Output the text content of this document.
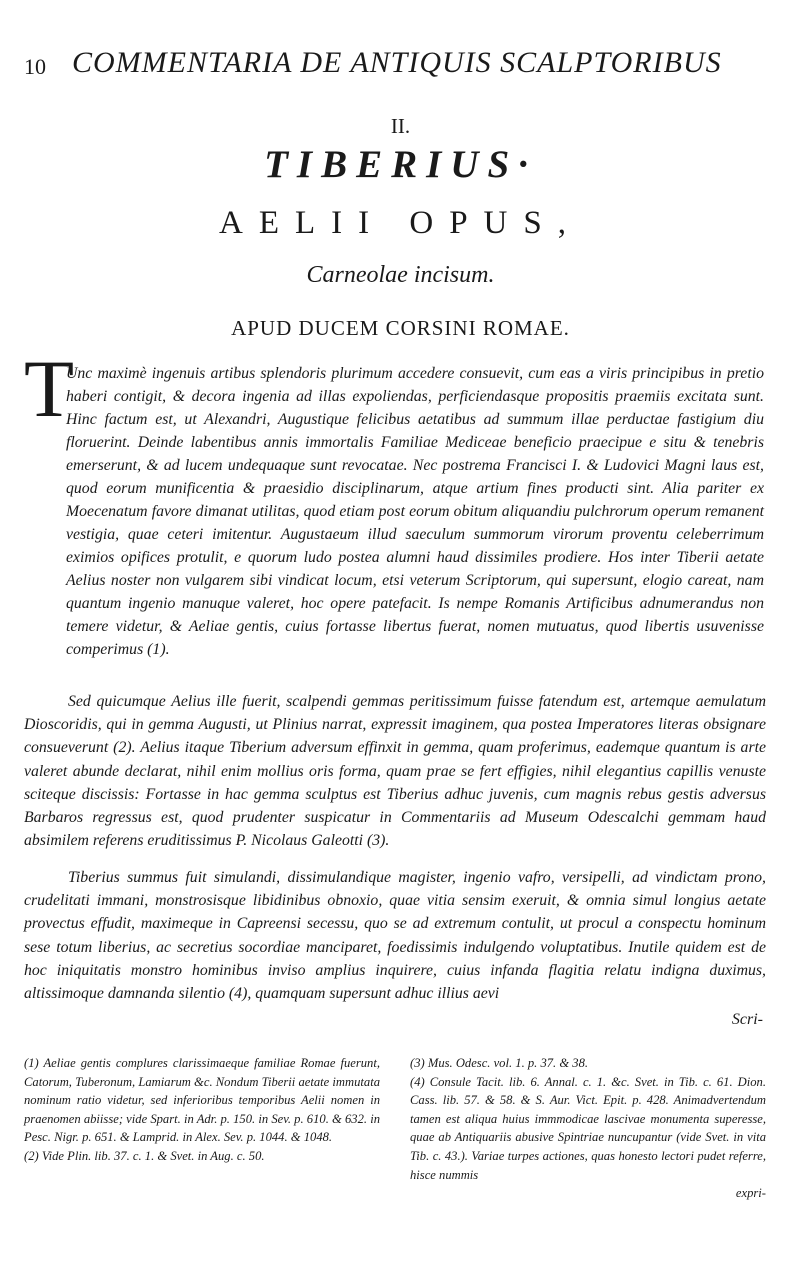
10 COMMENTARIA DE ANTIQUIS SCALPTORIBUS
II.
TIBERIUS·
AELII OPUS,
Carneolae incisum.
APUD DUCEM CORSINI ROMAE.
T

Unc maximè ingenuis artibus splendoris plurimum accedere consuevit, cum eas a viris principibus in pretio haberi contigit, & decora ingenia ad illas expoliendas, perficiendasque propositis praemiis excitata sunt. Hinc factum est, ut Alexandri, Augustique felicibus aetatibus ad summum illae perductae fastigium diu floruerint. Deinde labentibus annis immortalis Familiae Mediceae beneficio praecipue e situ & tenebris emerserunt, & ad lucem undequaque sunt revocatae. Nec postrema Francisci I. & Ludovici Magni laus est, quod eorum munificentia & praesidio disciplinarum, atque artium fines producti sint. Alia pariter ex Moecenatum favore dimanat utilitas, quod etiam post eorum obitum aliquandiu pulchrorum operum remanent vestigia, quae ceteri imitentur. Augustaeum illud saeculum summorum virorum proventu celeberrimum eximios opifices protulit, e quorum ludo postea alumni haud dissimiles prodiere. Hos inter Tiberii aetate Aelius noster non vulgarem sibi vindicat locum, etsi veterum Scriptorum, qui supersunt, elogio careat, nam quantum ingenio manuque valeret, hoc opere patefacit. Is nempe Romanis Artificibus adnumerandus non temere videtur, & Aeliae gentis, cuius fortasse libertus fuerat, nomen mutuatus, quod libertis usuvenisse comperimus (1).

Sed quicumque Aelius ille fuerit, scalpendi gemmas peritissimum fuisse fatendum est, artemque aemulatum Dioscoridis, qui in gemma Augusti, ut Plinius narrat, expressit imaginem, qua postea Imperatores literas obsignare consueverunt (2). Aelius itaque Tiberium adversum effinxit in gemma, quam proferimus, eademque quantum is arte valeret abunde declarat, nihil enim mollius oris forma, quam prae se fert effigies, nihil elegantius capillis venuste sciteque discissis: Fortasse in hac gemma sculptus est Tiberius adhuc juvenis, cum magnis rebus gestis adversus Barbaros regressus est, quod prudenter suspicatur in Commentariis ad Museum Odescalchi gemmam haud absimilem referens eruditissimus P. Nicolaus Galeotti (3).

Tiberius summus fuit simulandi, dissimulandique magister, ingenio vafro, versipelli, ad vindictam prono, crudelitati immani, monstrosisque libidinibus obnoxio, quae vitia sensim exeruit, & omnia simul longius aetate provectus effudit, maximeque in Capreensi secessu, quo se ad extremum contulit, ut procul a conspectu hominum sese totum liberius, ac secretius socordiae manciparet, foedissimis indulgendo voluptatibus. Inutile quidem est de hoc iniquitatis monstro hominibus inviso amplius inquirere, cuius infanda flagitia relatu indigna duximus, altissimoque damnanda silentio (4), quamquam supersunt adhuc illius aevi

Scri-

(1) Aeliae gentis complures clarissimaeque familiae Romae fuerunt, Catorum, Tuberonum, Lamiarum &c. Nondum Tiberii aetate immutata nominum ratio videtur, sed inferioribus temporibus Aelii nomen in praenomen abiisse; vide Spart. in Adr. p. 150. in Sev. p. 610. & 632. in Pesc. Nigr. p. 651. & Lamprid. in Alex. Sev. p. 1044. & 1048.

(2) Vide Plin. lib. 37. c. 1. & Svet. in Aug. c. 50.

(3) Mus. Odesc. vol. 1. p. 37. & 38.

(4) Consule Tacit. lib. 6. Annal. c. 1. &c. Svet. in Tib. c. 61. Dion. Cass. lib. 57. & 58. & S. Aur. Vict. Epit. p. 428. Animadvertendum tamen est aliqua huius immmodicae lascivae monumenta superesse, quae ab Antiquariis abusive Spintriae nuncupantur (vide Svet. in vita Tib. c. 43.). Variae turpes actiones, quas honesto lectori pudet referre, hisce nummis

expri-
